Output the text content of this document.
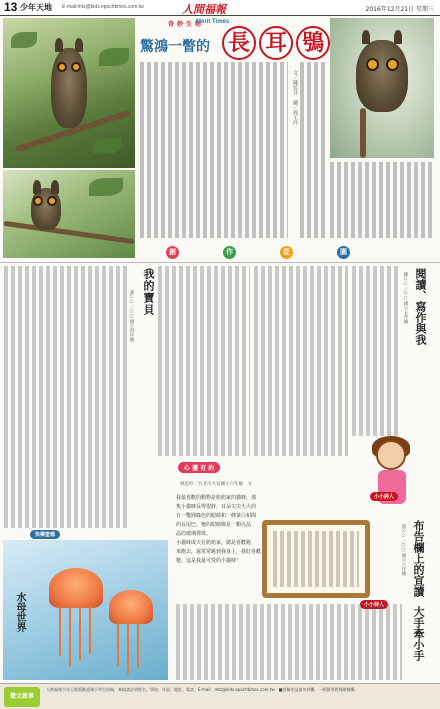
13 少年天地 E-mail:mtz@kids.epochtimes.com.tw	人間福報	2016年12月21日 星期三
奇妙生物
Merit Times
驚鴻一瞥的 長 耳 鴞
文／陳佳芬　圖／周王玲
創	作	花	園
我的寶貝
黃○○／○○國小四年級	閱讀、寫作與我
陳○○／○○國小五年級
心 靈 有 約
林思妤／台北市大安國小六年級　文

我最喜歡的動物是奶奶家的貓咪，那

隻小貓咪長得很胖，耳朵尖尖大大的

有一雙圓綠色的眼睛和一條黃白相間

的長尾巴，牠的眼睛像是一顆亮晶

晶的玻璃彈珠。

小貓咪成天在奶奶家，總是喜歡跑

來跑去，還常常跳到我身上，我好喜歡

牠，這是我最可愛的小貓咪！

小小詩人
布告欄上的宣讀
周○○／○○國小六年級
小小詩人
大手牽小手
快樂塗鴉
水母世界
徵文啟事
人間福報少年天地版歡迎國小學生投稿，來稿請註明姓名、學校、年級、地址、電話，E-mail：mtz@kids.epochtimes.com.tw　■投稿作品請勿抄襲，一經錄用將致贈稿酬。
